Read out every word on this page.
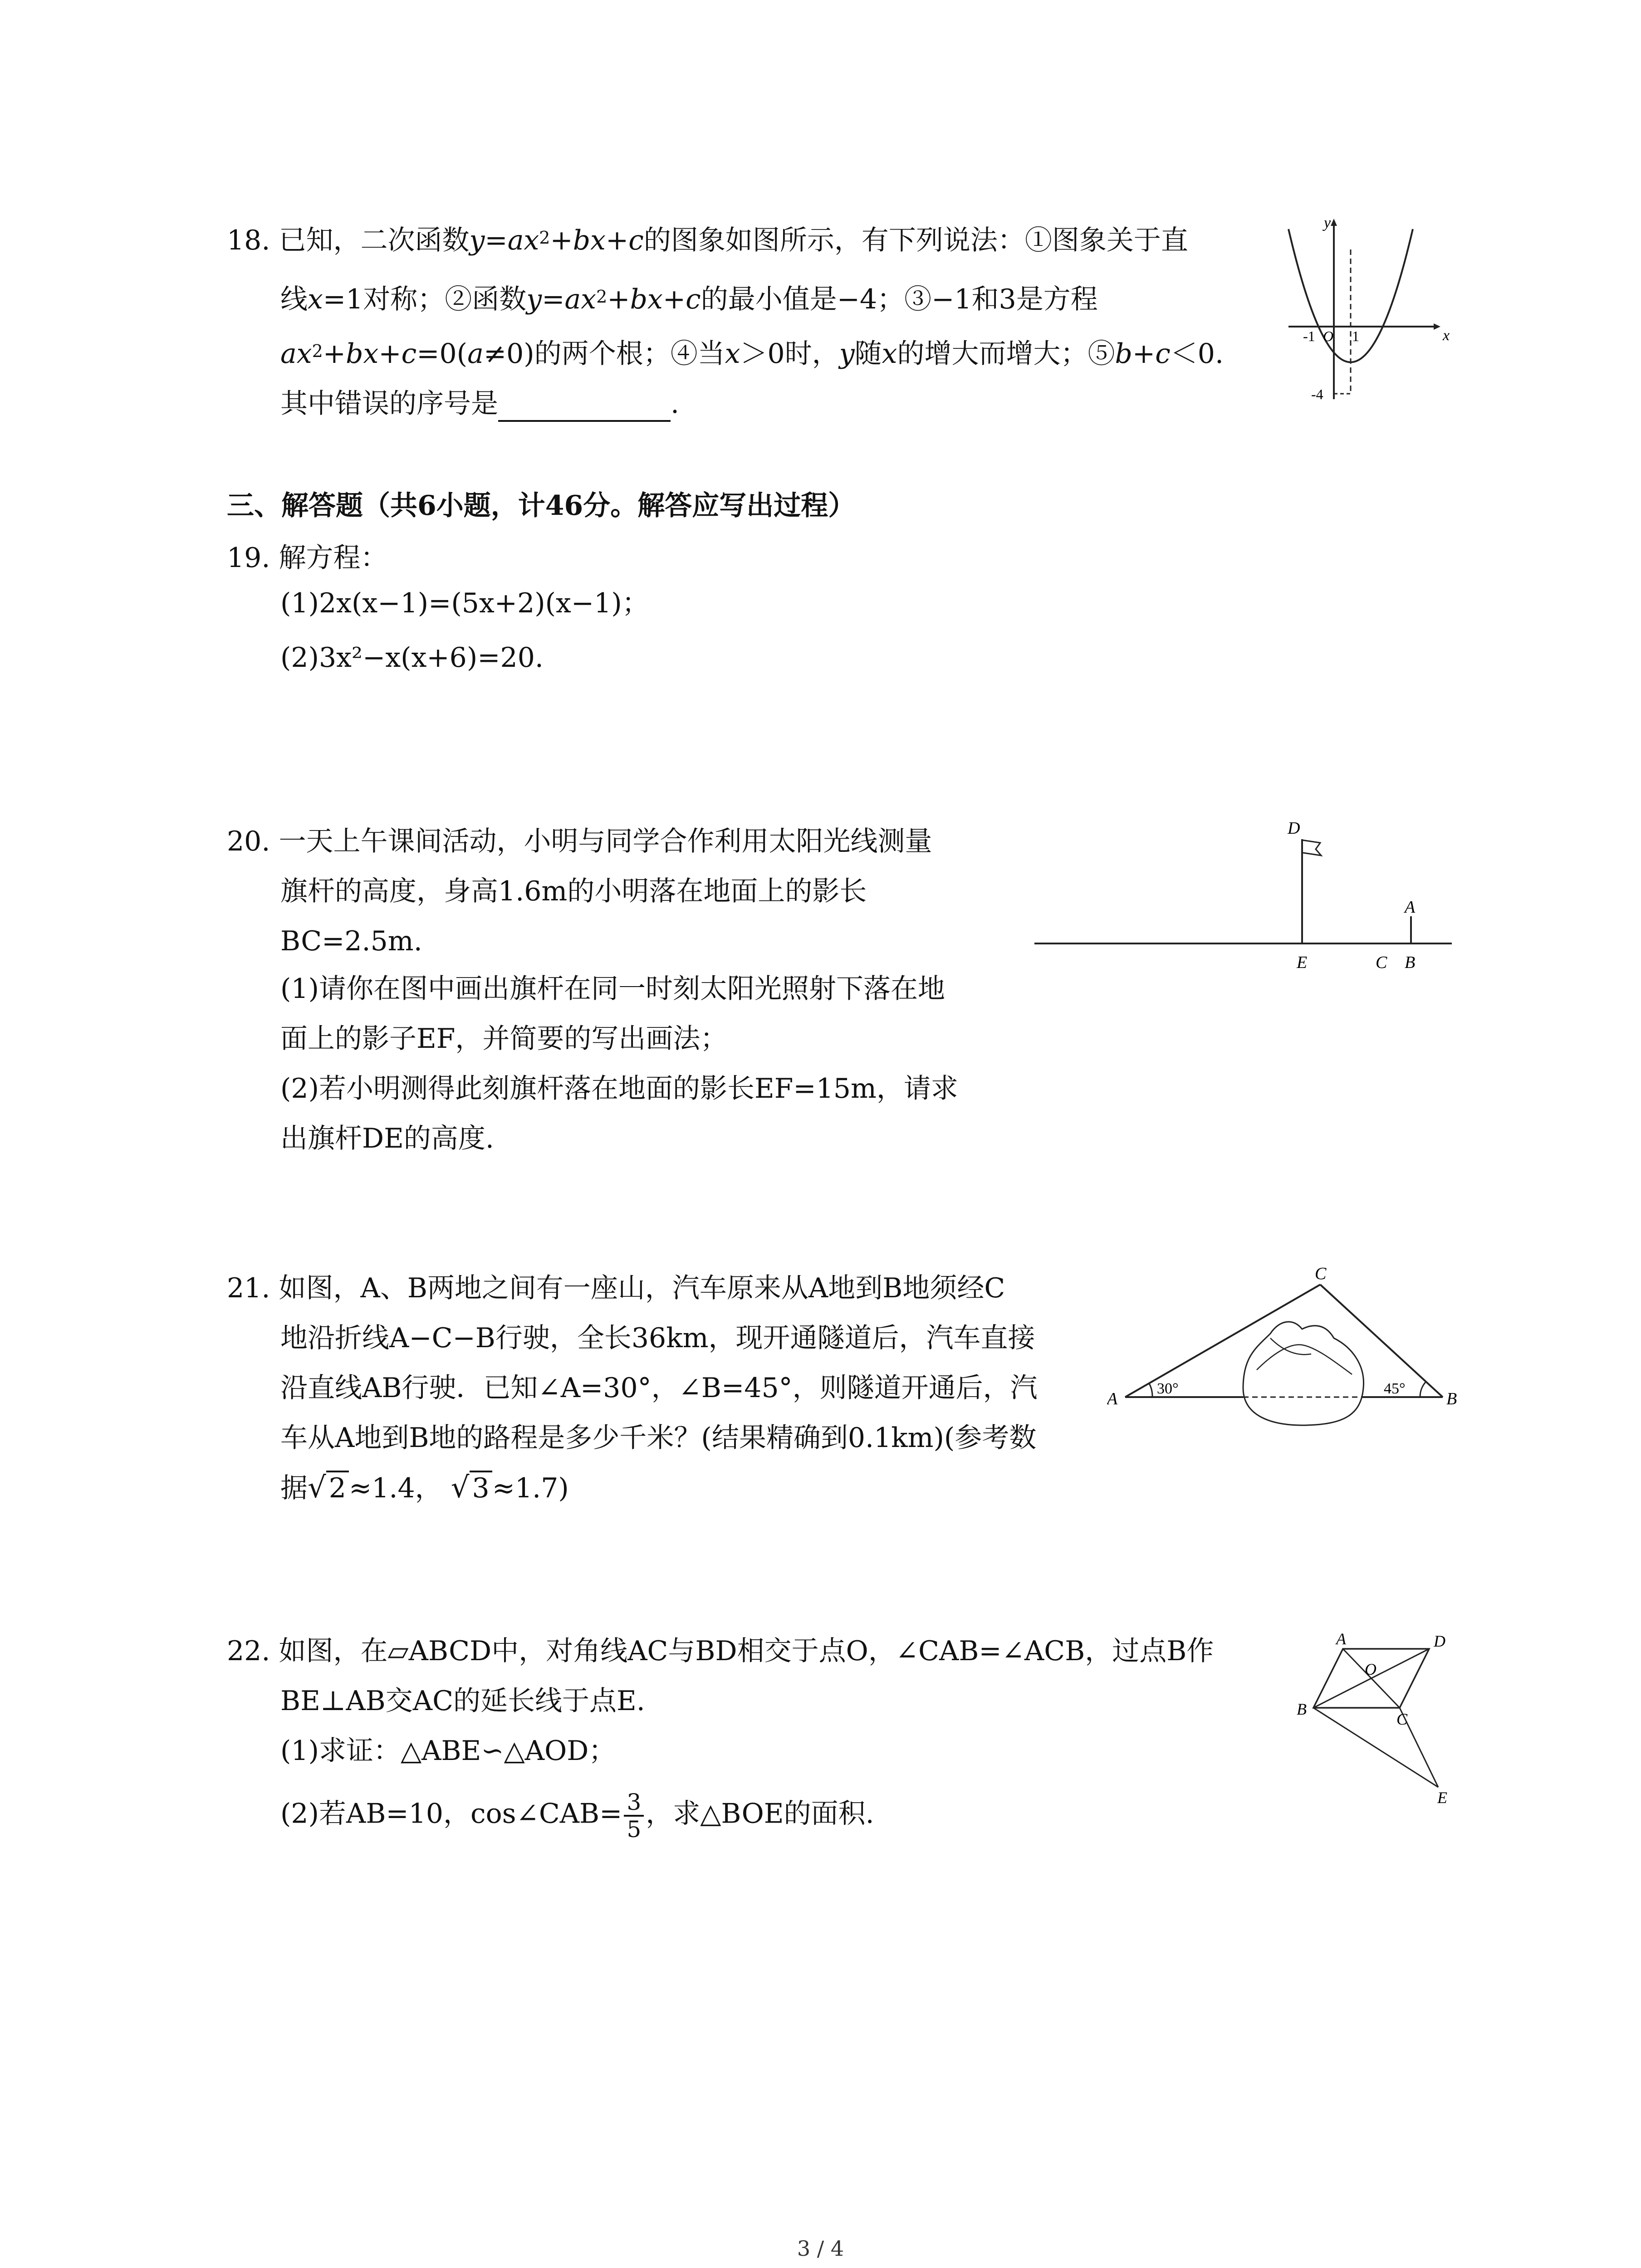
18. 已知，二次函数$y=ax^2+bx+c$的图象如图所示，有下列说法：①图象关于直
线x=1对称；②函数$y=ax^2+bx+c$的最小值是−4；③−1和3是方程
$ax^2+bx+c=0(a\ne 0)$的两个根；④当x＞0时，y随x的增大而增大；⑤b+c＜0.
其中错误的序号是	.
y
x
-1 O 1
-4
三、解答题（共6小题，计46分。解答应写出过程）
19. 解方程：
(1)2x(x−1)=(5x+2)(x−1)；
(2)3x²−x(x+6)=20.
20. 一天上午课间活动，小明与同学合作利用太阳光线测量
旗杆的高度，身高1.6m的小明落在地面上的影长
BC=2.5m.
(1)请你在图中画出旗杆在同一时刻太阳光照射下落在地
面上的影子EF，并简要的写出画法；
(2)若小明测得此刻旗杆落在地面的影长EF=15m，请求
出旗杆DE的高度.
D
A
E	C B
21. 如图，A、B两地之间有一座山，汽车原来从A地到B地须经C
地沿折线A−C−B行驶，全长36km，现开通隧道后，汽车直接
沿直线AB行驶．已知∠A=30°，∠B=45°，则隧道开通后，汽
车从A地到B地的路程是多少千米？(结果精确到0.1km)(参考数
据√ 2 ≈1.4， √ 3 ≈1.7)
C
A	B
30°	45°
22. 如图，在▱ABCD中，对角线AC与BD相交于点O，∠CAB=∠ACB，过点B作
BE⊥AB交AC的延长线于点E.
(1)求证：△ABE∽△AOD；
(2)若AB=10，cos∠CAB= $\frac{3}{5}$ ，求△BOE的面积.
A	D
O
B
C
E
3 / 4
